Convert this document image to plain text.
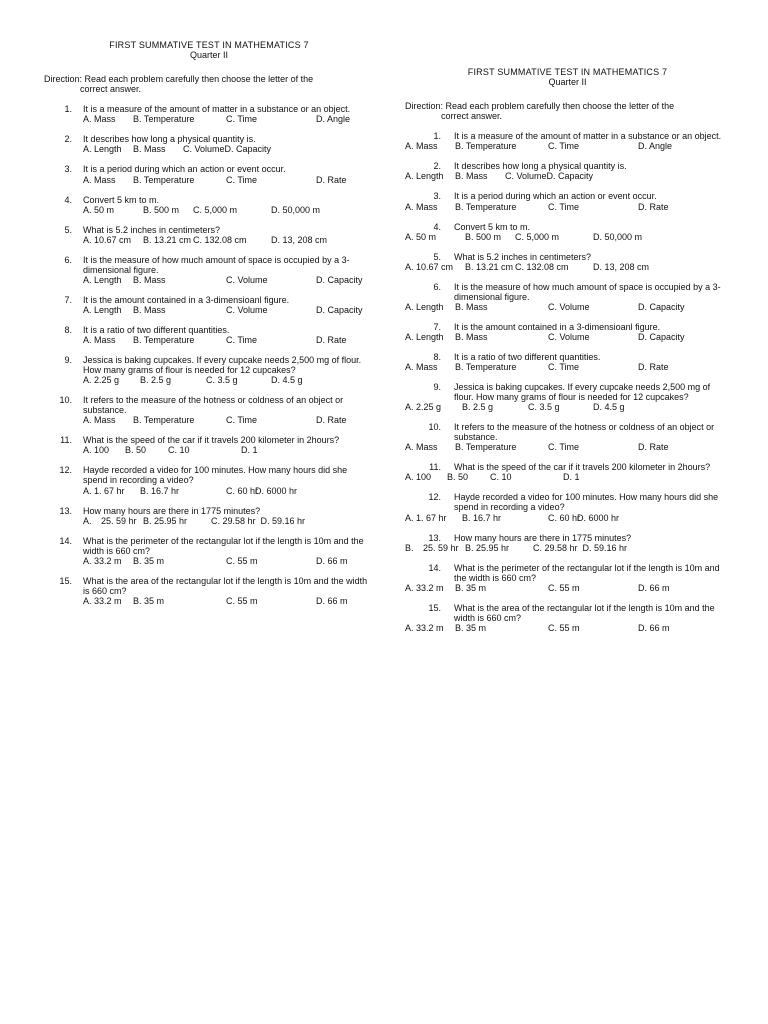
FIRST SUMMATIVE TEST IN MATHEMATICS 7
Quarter II
Direction: Read each problem carefully then choose the letter of the
correct answer.
1.	It is a measure of the amount of matter in a substance or an object.
A. Mass B. Temperature	C. Time	D. Angle
2.	It describes how long a physical quantity is.
A. Length B. Mass C. VolumeD. Capacity
3.	It is a period during which an action or event occur.
A. Mass B. Temperature	C. Time	D. Rate
4.	Convert 5 km to m.
A. 50 m	B. 500 m C. 5,000 m	D. 50,000 m
5.	What is 5.2 inches in centimeters?
A. 10.67 cm B. 13.21 cm C. 132.08 cm	D. 13, 208 cm
6.	It is the measure of how much amount of space is occupied by a 3-dimensional figure.
A. Length B. Mass	C. Volume	D. Capacity
7.	It is the amount contained in a 3-dimensioanl figure.
A. Length B. Mass	C. Volume	D. Capacity
8.	It is a ratio of two different quantities.
A. Mass B. Temperature	C. Time	D. Rate
9.	Jessica is baking cupcakes. If every cupcake needs 2,500 mg of flour. How many grams of flour is needed for 12 cupcakes?
A. 2.25 g B. 2.5 g	C. 3.5 g	D. 4.5 g
10.	It refers to the measure of the hotness or coldness of an object or substance.
A. Mass B. Temperature	C. Time	D. Rate
11.	What is the speed of the car if it travels 200 kilometer in 2hours?
A. 100 B. 50 C. 10	D. 1
12.	Hayde recorded a video for 100 minutes. How many hours did she spend in recording a video?
A. 1. 67 hr B. 16.7 hr	C. 60 hr
D. 6000 hr
13.	How many hours are there in 1775 minutes?
A. 25. 59 hr B. 25.95 hr	C. 29.58 hr  D. 59.16 hr
14.	What is the perimeter of the rectangular lot if the length is 10m and the width is 660 cm?
A. 33.2 m B. 35 m	C. 55 m	D. 66 m
15.	What is the area of the rectangular lot if the length is 10m and the width is 660 cm?
A. 33.2 m B. 35 m	C. 55 m	D. 66 m
FIRST SUMMATIVE TEST IN MATHEMATICS 7
Quarter II
Direction: Read each problem carefully then choose the letter of the
correct answer.
1.	It is a measure of the amount of matter in a substance or an object.
A. Mass B. Temperature	C. Time	D. Angle
2.	It describes how long a physical quantity is.
A. Length B. Mass C. VolumeD. Capacity
3.	It is a period during which an action or event occur.
A. Mass B. Temperature	C. Time	D. Rate
4.	Convert 5 km to m.
A. 50 m	B. 500 m C. 5,000 m	D. 50,000 m
5.	What is 5.2 inches in centimeters?
A. 10.67 cm B. 13.21 cm C. 132.08 cm	D. 13, 208 cm
6.	It is the measure of how much amount of space is occupied by a 3-dimensional figure.
A. Length B. Mass	C. Volume	D. Capacity
7.	It is the amount contained in a 3-dimensioanl figure.
A. Length B. Mass	C. Volume	D. Capacity
8.	It is a ratio of two different quantities.
A. Mass B. Temperature	C. Time	D. Rate
9.	Jessica is baking cupcakes. If every cupcake needs 2,500 mg of flour. How many grams of flour is needed for 12 cupcakes?
A. 2.25 g B. 2.5 g	C. 3.5 g	D. 4.5 g
10.	It refers to the measure of the hotness or coldness of an object or substance.
A. Mass B. Temperature	C. Time	D. Rate
11.	What is the speed of the car if it travels 200 kilometer in 2hours?
A. 100 B. 50 C. 10	D. 1
12.	Hayde recorded a video for 100 minutes. How many hours did she spend in recording a video?
A. 1. 67 hr B. 16.7 hr	C. 60 hr
D. 6000 hr
13.	How many hours are there in 1775 minutes?
B. 25. 59 hr B. 25.95 hr	C. 29.58 hr  D. 59.16 hr
14.	What is the perimeter of the rectangular lot if the length is 10m and the width is 660 cm?
A. 33.2 m B. 35 m	C. 55 m	D. 66 m
15.	What is the area of the rectangular lot if the length is 10m and the width is 660 cm?
A. 33.2 m B. 35 m	C. 55 m	D. 66 m
